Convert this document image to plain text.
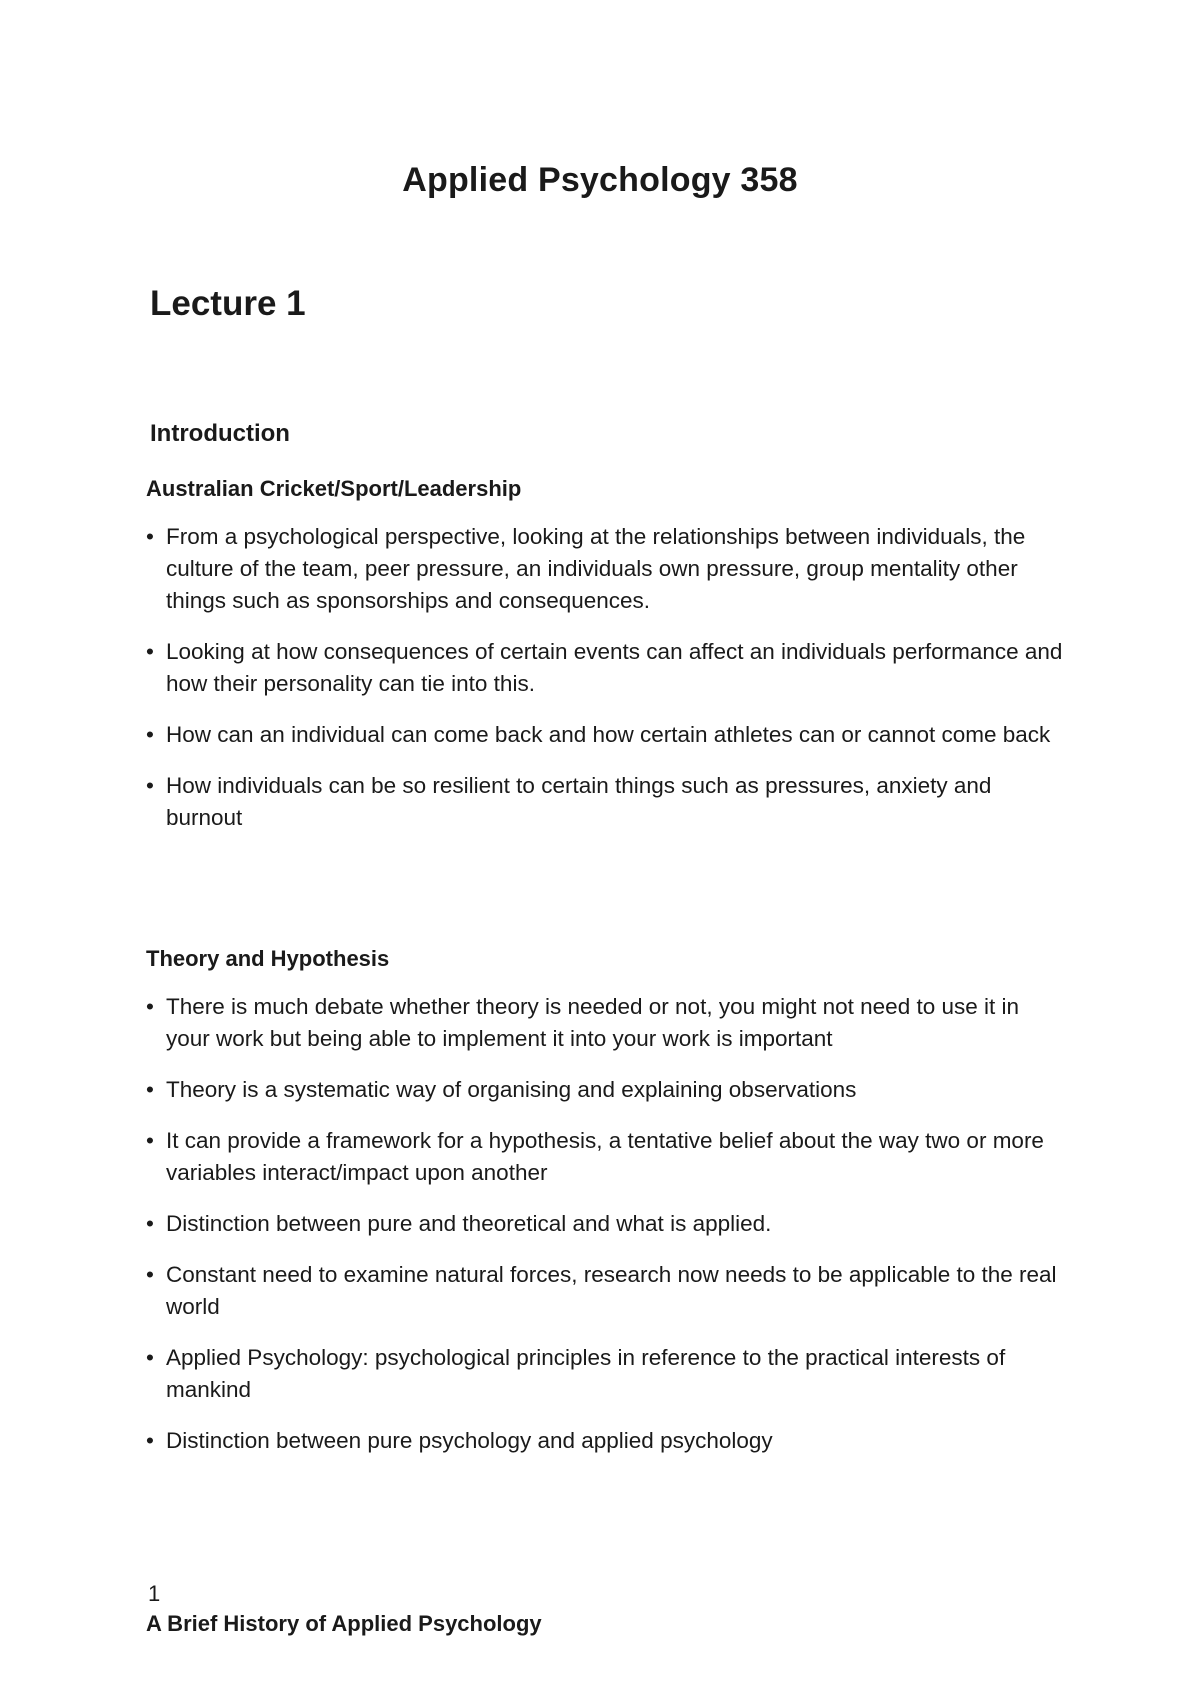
Applied Psychology 358
Lecture 1
Introduction
Australian Cricket/Sport/Leadership
• From a psychological perspective, looking at the relationships between individuals, the culture of the team, peer pressure, an individuals own pressure, group mentality other things such as sponsorships and consequences.
• Looking at how consequences of certain events can affect an individuals performance and how their personality can tie into this.
• How can an individual can come back and how certain athletes can or cannot come back
• How individuals can be so resilient to certain things such as pressures, anxiety and burnout
Theory and Hypothesis
• There is much debate whether theory is needed or not, you might not need to use it in your work but being able to implement it into your work is important
• Theory is a systematic way of organising and explaining observations
• It can provide a framework for a hypothesis, a tentative belief about the way two or more variables interact/impact upon another
• Distinction between pure and theoretical and what is applied.
• Constant need to examine natural forces, research now needs to be applicable to the real world
• Applied Psychology: psychological principles in reference to the practical interests of mankind
• Distinction between pure psychology and applied psychology
1
A Brief History of Applied Psychology
